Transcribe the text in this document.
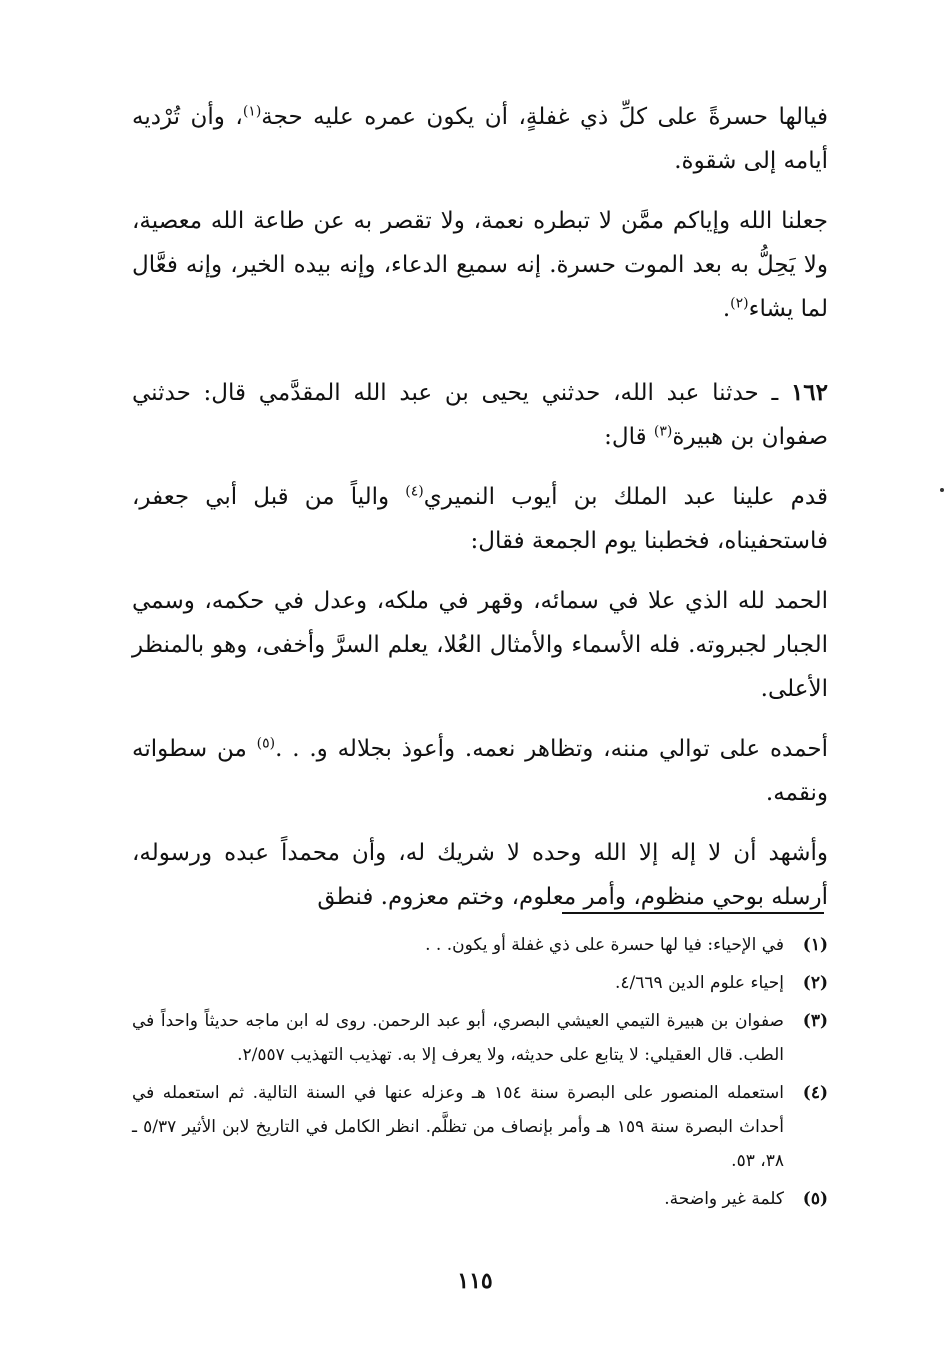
فيالها حسرةً على كلِّ ذي غفلةٍ، أن يكون عمره عليه حجة$^{(١)}$، وأن تُرْديه أيامه إلى شقوة.

جعلنا الله وإياكم ممَّن لا تبطره نعمة، ولا تقصر به عن طاعة الله معصية، ولا يَحِلُّ به بعد الموت حسرة. إنه سميع الدعاء، وإنه بيده الخير، وإنه فعَّال لما يشاء$^{(٢)}$.

١٦٢ ـ حدثنا عبد الله، حدثني يحيى بن عبد الله المقدَّمي قال: حدثني صفوان بن هبيرة$^{(٣)}$ قال:

قدم علينا عبد الملك بن أيوب النميري$^{(٤)}$ والياً من قبل أبي جعفر، فاستحفيناه، فخطبنا يوم الجمعة فقال:

الحمد لله الذي علا في سمائه، وقهر في ملكه، وعدل في حكمه، وسمي الجبار لجبروته. فله الأسماء والأمثال العُلا، يعلم السرَّ وأخفى، وهو بالمنظر الأعلى.

أحمده على توالي مننه، وتظاهر نعمه. وأعوذ بجلاله و. . .$^{(٥)}$ من سطواته ونقمه.

وأشهد أن لا إله إلا الله وحده لا شريك له، وأن محمداً عبده ورسوله، أرسله بوحي منظوم، وأمر معلوم، وختم معزوم. فنطق

(١)
في الإحياء: فيا لها حسرة على ذي غفلة أو يكون. . .
(٢)
إحياء علوم الدين ٤/٦٦٩.
(٣)
صفوان بن هبيرة التيمي العيشي البصري، أبو عبد الرحمن. روى له ابن ماجه حديثاً واحداً في الطب. قال العقيلي: لا يتابع على حديثه، ولا يعرف إلا به. تهذيب التهذيب ٢/٥٥٧.
(٤)
استعمله المنصور على البصرة سنة ١٥٤ هـ وعزله عنها في السنة التالية. ثم استعمله في أحداث البصرة سنة ١٥٩ هـ وأمر بإنصاف من تظلَّم. انظر الكامل في التاريخ لابن الأثير ٥/٣٧ ـ ٣٨، ٥٣.
(٥)
كلمة غير واضحة.
١١٥
